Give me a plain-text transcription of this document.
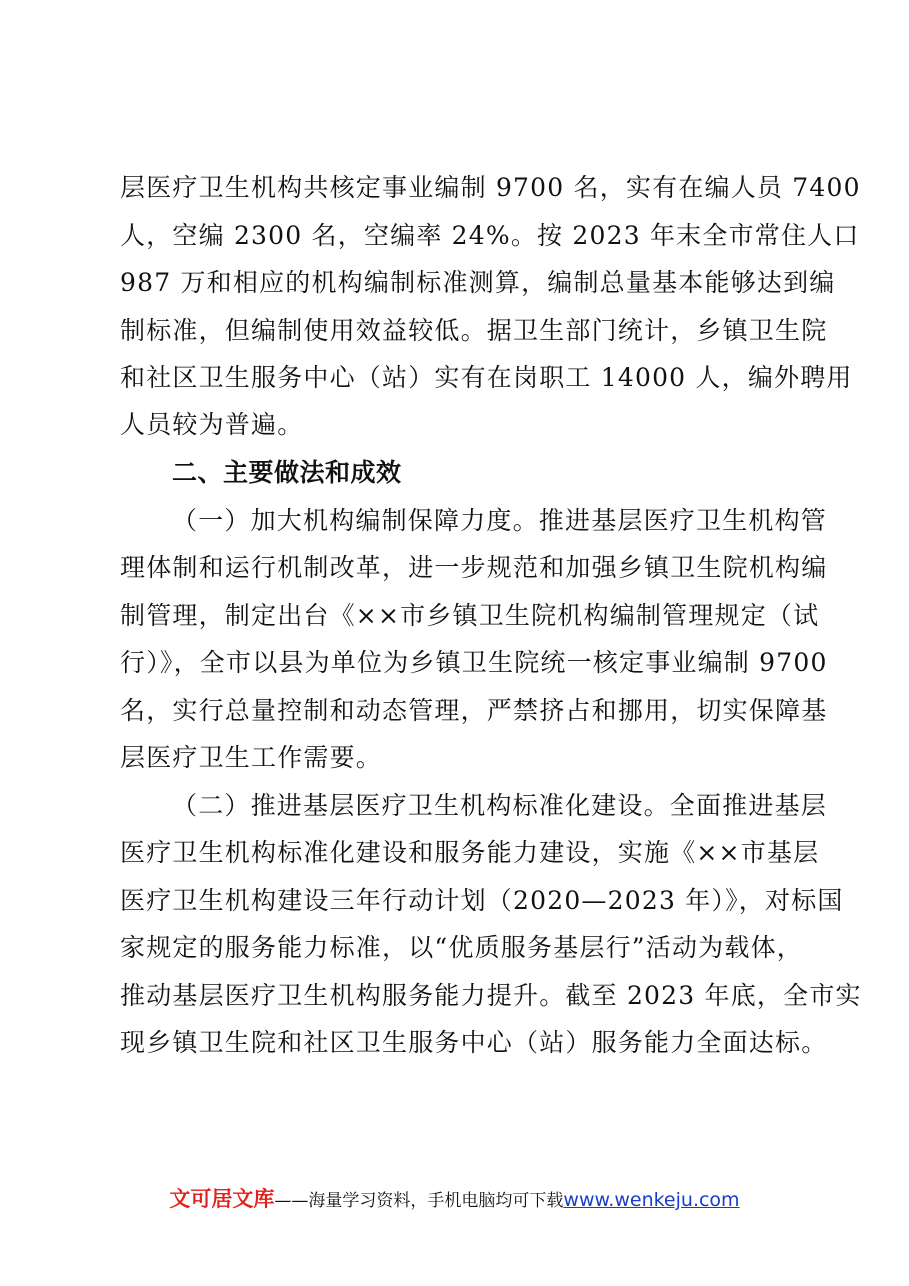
层医疗卫生机构共核定事业编制 9700 名，实有在编人员 7400
人，空编 2300 名，空编率 24%。按 2023 年末全市常住人口
987 万和相应的机构编制标准测算，编制总量基本能够达到编
制标准，但编制使用效益较低。据卫生部门统计，乡镇卫生院
和社区卫生服务中心（站）实有在岗职工 14000 人，编外聘用
人员较为普遍。
二、主要做法和成效
（一）加大机构编制保障力度。推进基层医疗卫生机构管
理体制和运行机制改革，进一步规范和加强乡镇卫生院机构编
制管理，制定出台《××市乡镇卫生院机构编制管理规定（试
行）》，全市以县为单位为乡镇卫生院统一核定事业编制 9700
名，实行总量控制和动态管理，严禁挤占和挪用，切实保障基
层医疗卫生工作需要。
（二）推进基层医疗卫生机构标准化建设。全面推进基层
医疗卫生机构标准化建设和服务能力建设，实施《××市基层
医疗卫生机构建设三年行动计划（2020—2023 年）》，对标国
家规定的服务能力标准，以“优质服务基层行”活动为载体，
推动基层医疗卫生机构服务能力提升。截至 2023 年底，全市实
现乡镇卫生院和社区卫生服务中心（站）服务能力全面达标。
文可居文库——海量学习资料，手机电脑均可下载www.wenkeju.com
